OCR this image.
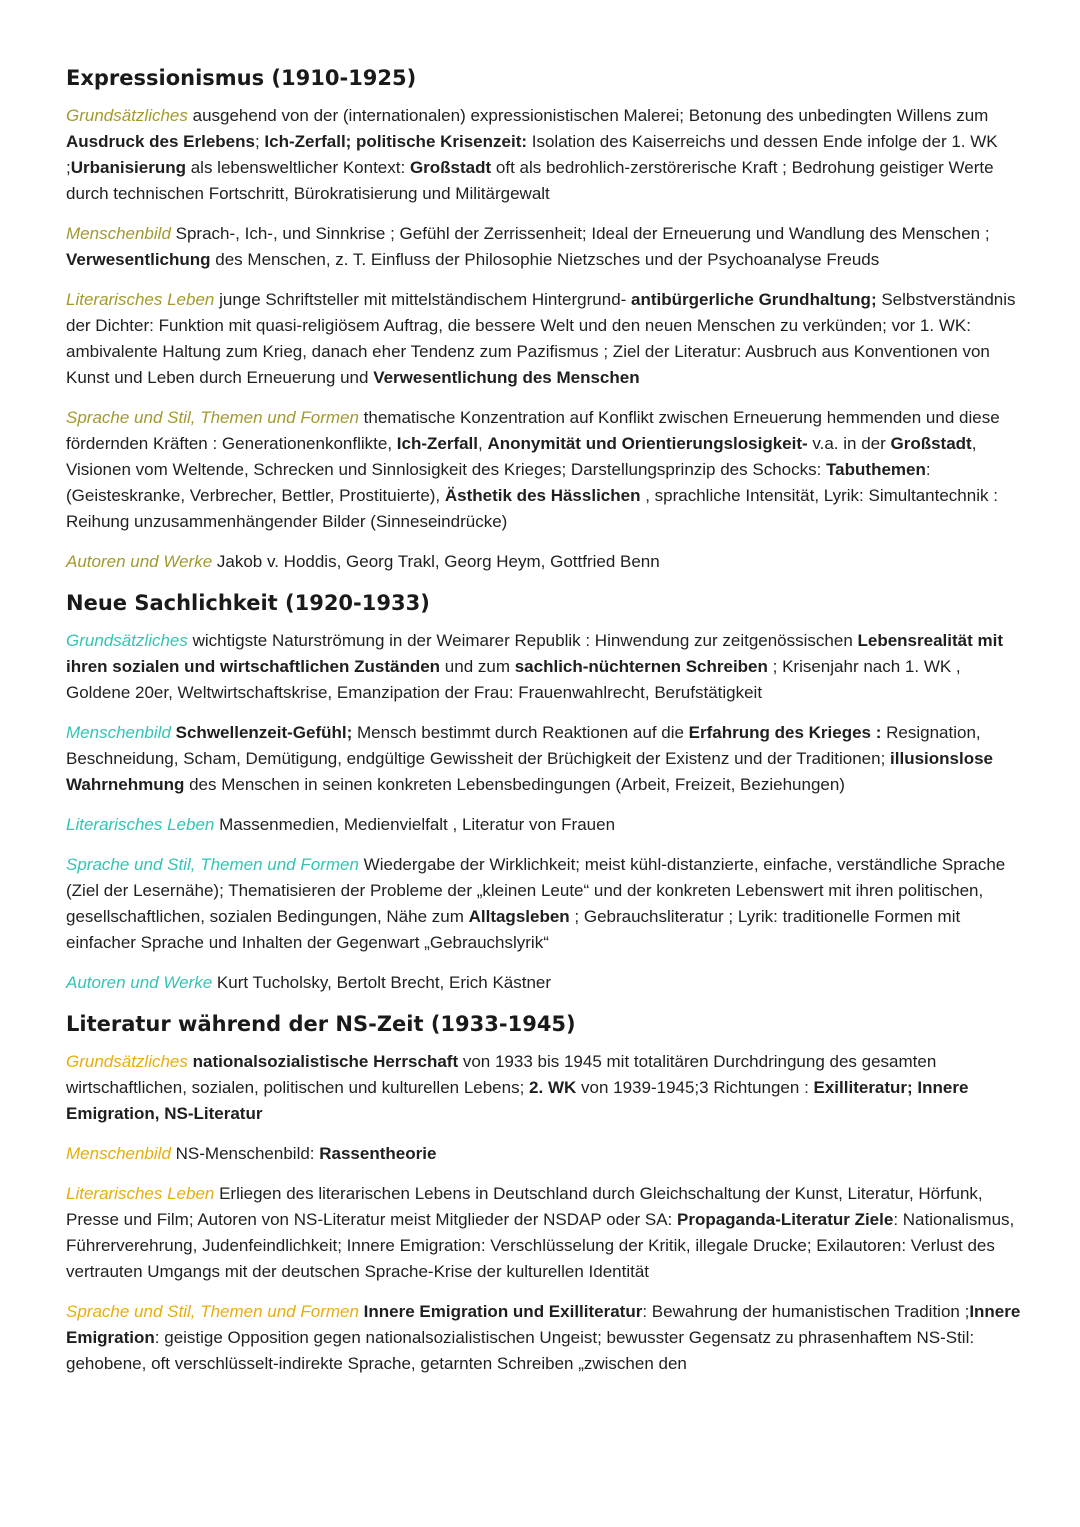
Expressionismus (1910-1925)

Grundsätzliches ausgehend von der (internationalen) expressionistischen Malerei; Betonung des unbedingten Willens zum Ausdruck des Erlebens; Ich-Zerfall; politische Krisenzeit: Isolation des Kaiserreichs und dessen Ende infolge der 1. WK ;Urbanisierung als lebensweltlicher Kontext: Großstadt oft als bedrohlich-zerstörerische Kraft ; Bedrohung geistiger Werte durch technischen Fortschritt, Bürokratisierung und Militärgewalt

Menschenbild Sprach-, Ich-, und Sinnkrise ; Gefühl der Zerrissenheit; Ideal der Erneuerung und Wandlung des Menschen ; Verwesentlichung des Menschen, z. T. Einfluss der Philosophie Nietzsches und der Psychoanalyse Freuds

Literarisches Leben junge Schriftsteller mit mittelständischem Hintergrund- antibürgerliche Grundhaltung; Selbstverständnis der Dichter: Funktion mit quasi-religiösem Auftrag, die bessere Welt und den neuen Menschen zu verkünden; vor 1. WK: ambivalente Haltung zum Krieg, danach eher Tendenz zum Pazifismus ; Ziel der Literatur: Ausbruch aus Konventionen von Kunst und Leben durch Erneuerung und Verwesentlichung des Menschen

Sprache und Stil, Themen und Formen thematische Konzentration auf Konflikt zwischen Erneuerung hemmenden und diese fördernden Kräften : Generationenkonflikte, Ich-Zerfall, Anonymität und Orientierungslosigkeit- v.a. in der Großstadt, Visionen vom Weltende, Schrecken und Sinnlosigkeit des Krieges; Darstellungsprinzip des Schocks: Tabuthemen: (Geisteskranke, Verbrecher, Bettler, Prostituierte), Ästhetik des Hässlichen , sprachliche Intensität, Lyrik: Simultantechnik : Reihung unzusammenhängender Bilder (Sinneseindrücke)

Autoren und Werke Jakob v. Hoddis, Georg Trakl, Georg Heym, Gottfried Benn

Neue Sachlichkeit (1920-1933)

Grundsätzliches wichtigste Naturströmung in der Weimarer Republik : Hinwendung zur zeitgenössischen Lebensrealität mit ihren sozialen und wirtschaftlichen Zuständen und zum sachlich-nüchternen Schreiben ; Krisenjahr nach 1. WK , Goldene 20er, Weltwirtschaftskrise, Emanzipation der Frau: Frauenwahlrecht, Berufstätigkeit

Menschenbild Schwellenzeit-Gefühl; Mensch bestimmt durch Reaktionen auf die Erfahrung des Krieges : Resignation, Beschneidung, Scham, Demütigung, endgültige Gewissheit der Brüchigkeit der Existenz und der Traditionen; illusionslose Wahrnehmung des Menschen in seinen konkreten Lebensbedingungen (Arbeit, Freizeit, Beziehungen)

Literarisches Leben Massenmedien, Medienvielfalt , Literatur von Frauen

Sprache und Stil, Themen und Formen Wiedergabe der Wirklichkeit; meist kühl-distanzierte, einfache, verständliche Sprache (Ziel der Lesernähe); Thematisieren der Probleme der „kleinen Leute“ und der konkreten Lebenswert mit ihren politischen, gesellschaftlichen, sozialen Bedingungen, Nähe zum Alltagsleben ; Gebrauchsliteratur ; Lyrik: traditionelle Formen mit einfacher Sprache und Inhalten der Gegenwart „Gebrauchslyrik“

Autoren und Werke Kurt Tucholsky, Bertolt Brecht, Erich Kästner

Literatur während der NS-Zeit (1933-1945)

Grundsätzliches nationalsozialistische Herrschaft von 1933 bis 1945 mit totalitären Durchdringung des gesamten wirtschaftlichen, sozialen, politischen und kulturellen Lebens; 2. WK von 1939-1945;3 Richtungen : Exilliteratur; Innere Emigration, NS-Literatur

Menschenbild NS-Menschenbild: Rassentheorie

Literarisches Leben Erliegen des literarischen Lebens in Deutschland durch Gleichschaltung der Kunst, Literatur, Hörfunk, Presse und Film; Autoren von NS-Literatur meist Mitglieder der NSDAP oder SA: Propaganda-Literatur Ziele: Nationalismus, Führerverehrung, Judenfeindlichkeit; Innere Emigration: Verschlüsselung der Kritik, illegale Drucke; Exilautoren: Verlust des vertrauten Umgangs mit der deutschen Sprache-Krise der kulturellen Identität

Sprache und Stil, Themen und Formen Innere Emigration und Exilliteratur: Bewahrung der humanistischen Tradition ;Innere Emigration: geistige Opposition gegen nationalsozialistischen Ungeist; bewusster Gegensatz zu phrasenhaftem NS-Stil: gehobene, oft verschlüsselt-indirekte Sprache, getarnten Schreiben „zwischen den
